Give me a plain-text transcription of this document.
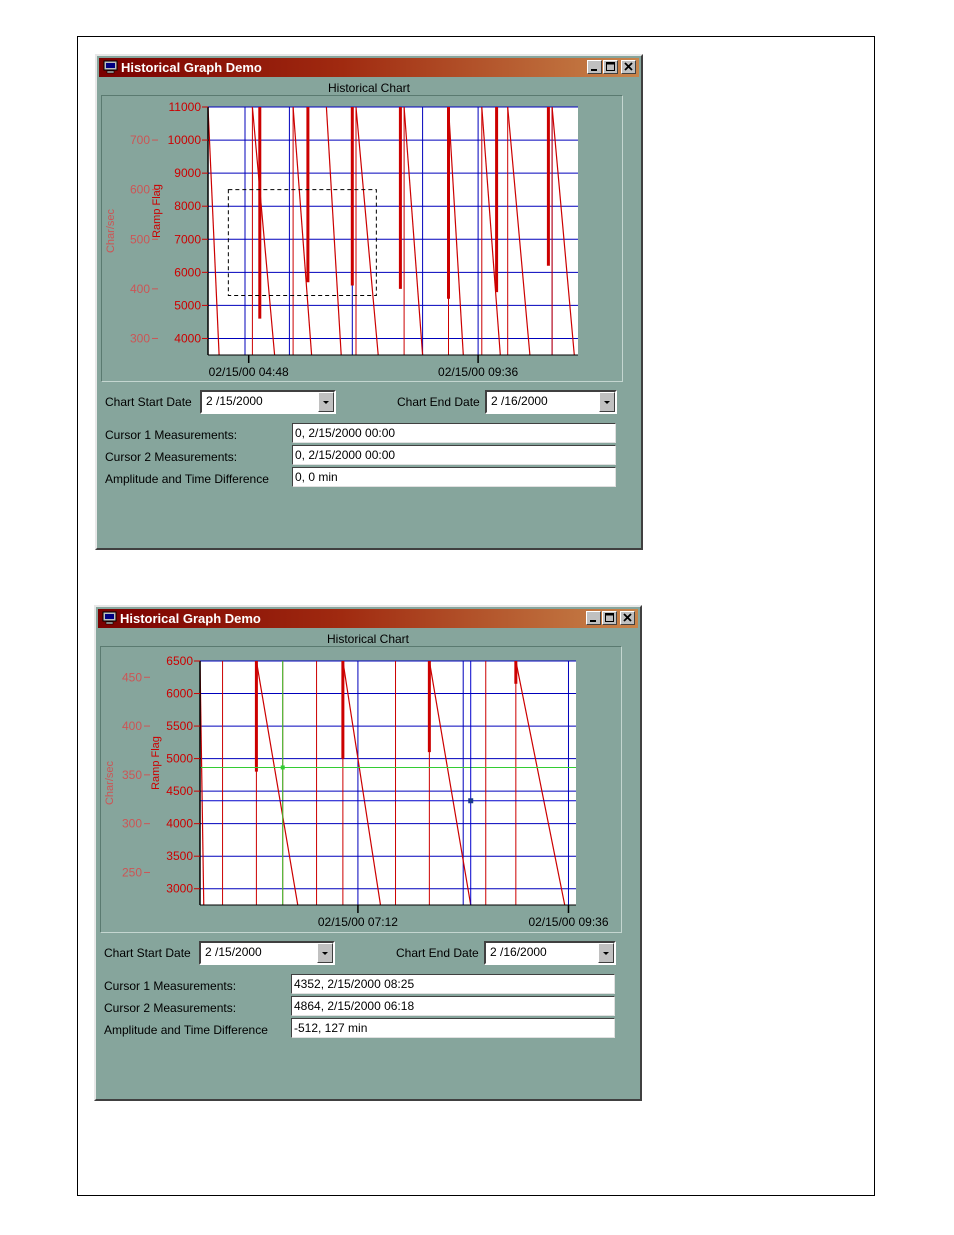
Historical Graph Demo
Historical Chart
11000
10000
9000
8000
7000
6000
5000
4000
700
600
500
400
300
Char/sec	Ramp Flag
02/15/00 04:48	02/15/00 09:36
Chart Start Date 2 /15/2000	Chart End Date 2 /16/2000
Cursor 1 Measurements:	0, 2/15/2000 00:00
Cursor 2 Measurements:	0, 2/15/2000 00:00
Amplitude and Time Difference 0, 0 min
Historical Graph Demo
Historical Chart
6500
6000
5500
5000
4500
4000
3500
3000
450
400
350
300
250
Char/sec	Ramp Flag
02/15/00 07:12	02/15/00 09:36
Chart Start Date 2 /15/2000	Chart End Date 2 /16/2000
Cursor 1 Measurements:	4352, 2/15/2000 08:25
Cursor 2 Measurements:	4864, 2/15/2000 06:18
Amplitude and Time Difference -512, 127 min
